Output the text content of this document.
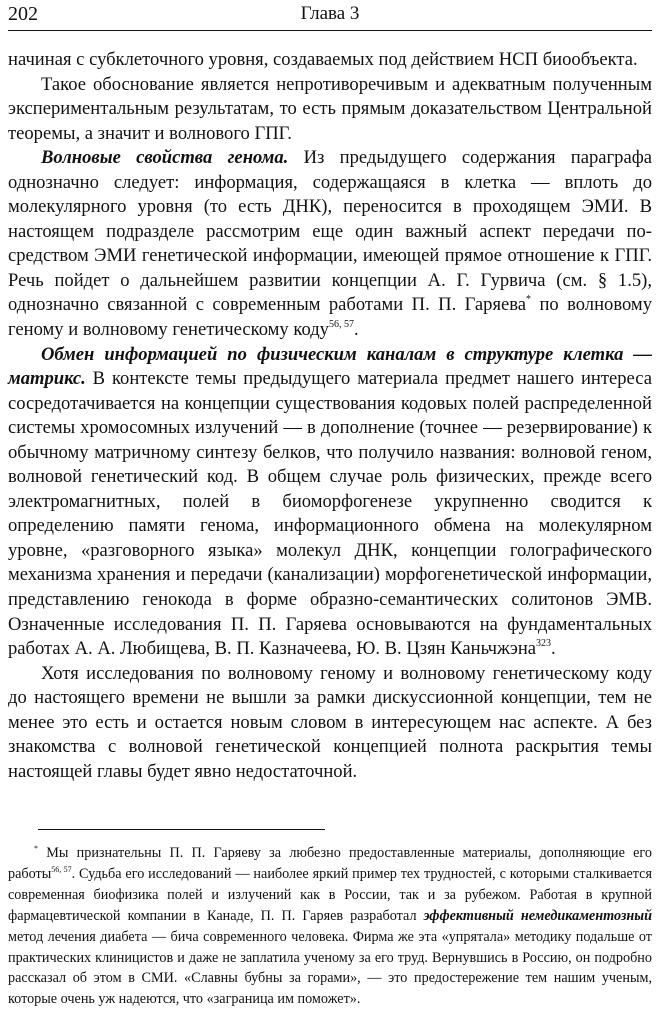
202	Глава 3

начиная с субклеточного уровня, создаваемых под действием НСП биообъекта.

Такое обоснование является непротиворечивым и адекватным полученным экспериментальным результатам, то есть прямым доказательством Центральной теоремы, а значит и волнового ГПГ.

Волновые свойства генома. Из предыдущего содержания параграфа однозначно следует: информация, содержащаяся в клетка — вплоть до молекулярного уровня (то есть ДНК), переносится в проходящем ЭМИ. В настоящем подразделе рассмотрим еще один важный аспект передачи посредством ЭМИ генетической информации, имеющей прямое отношение к ГПГ. Речь пойдет о дальнейшем развитии концепции А. Г. Гурвича (см. § 1.5), однозначно связанной с современным работами П. П. Гаряева* по волновому геному и волновому генетическому коду$^{56, 57}$.

Обмен информацией по физическим каналам в структуре клетка — матрикс. В контексте темы предыдущего материала предмет нашего интереса сосредотачивается на концепции существования кодовых полей распределенной системы хромосомных излучений — в дополнение (точнее — резервирование) к обычному матричному синтезу белков, что получило названия: волновой геном, волновой генетический код. В общем случае роль физических, прежде всего электромагнитных, полей в биоморфогенезе укрупненно сводится к определению памяти генома, информационного обмена на молекулярном уровне, «разговорного языка» молекул ДНК, концепции голографического механизма хранения и передачи (канализации) морфогенетической информации, представлению генокода в форме образно-семантических солитонов ЭМВ. Означенные исследования П. П. Гаряева основываются на фундаментальных работах А. А. Любищева, В. П. Казначеева, Ю. В. Цзян Каньчжэна$^{323}$.

Хотя исследования по волновому геному и волновому генетическому коду до настоящего времени не вышли за рамки дискуссионной концепции, тем не менее это есть и остается новым словом в интересующем нас аспекте. А без знакомства с волновой генетической концепцией полнота раскрытия темы настоящей главы будет явно недостаточной.

* Мы признательны П. П. Гаряеву за любезно предоставленные материалы, дополняющие его работы$^{56, 57}$. Судьба его исследований — наиболее яркий пример тех трудностей, с которыми сталкивается современная биофизика полей и излучений как в России, так и за рубежом. Работая в крупной фармацевтической компании в Канаде, П. П. Гаряев разработал эффективный немедикаментозный метод лечения диабета — бича современного человека. Фирма же эта «упрятала» методику подальше от практических клиницистов и даже не заплатила ученому за его труд. Вернувшись в Россию, он подробно рассказал об этом в СМИ. «Славны бубны за горами», — это предостережение тем нашим ученым, которые очень уж надеются, что «заграница им поможет».
